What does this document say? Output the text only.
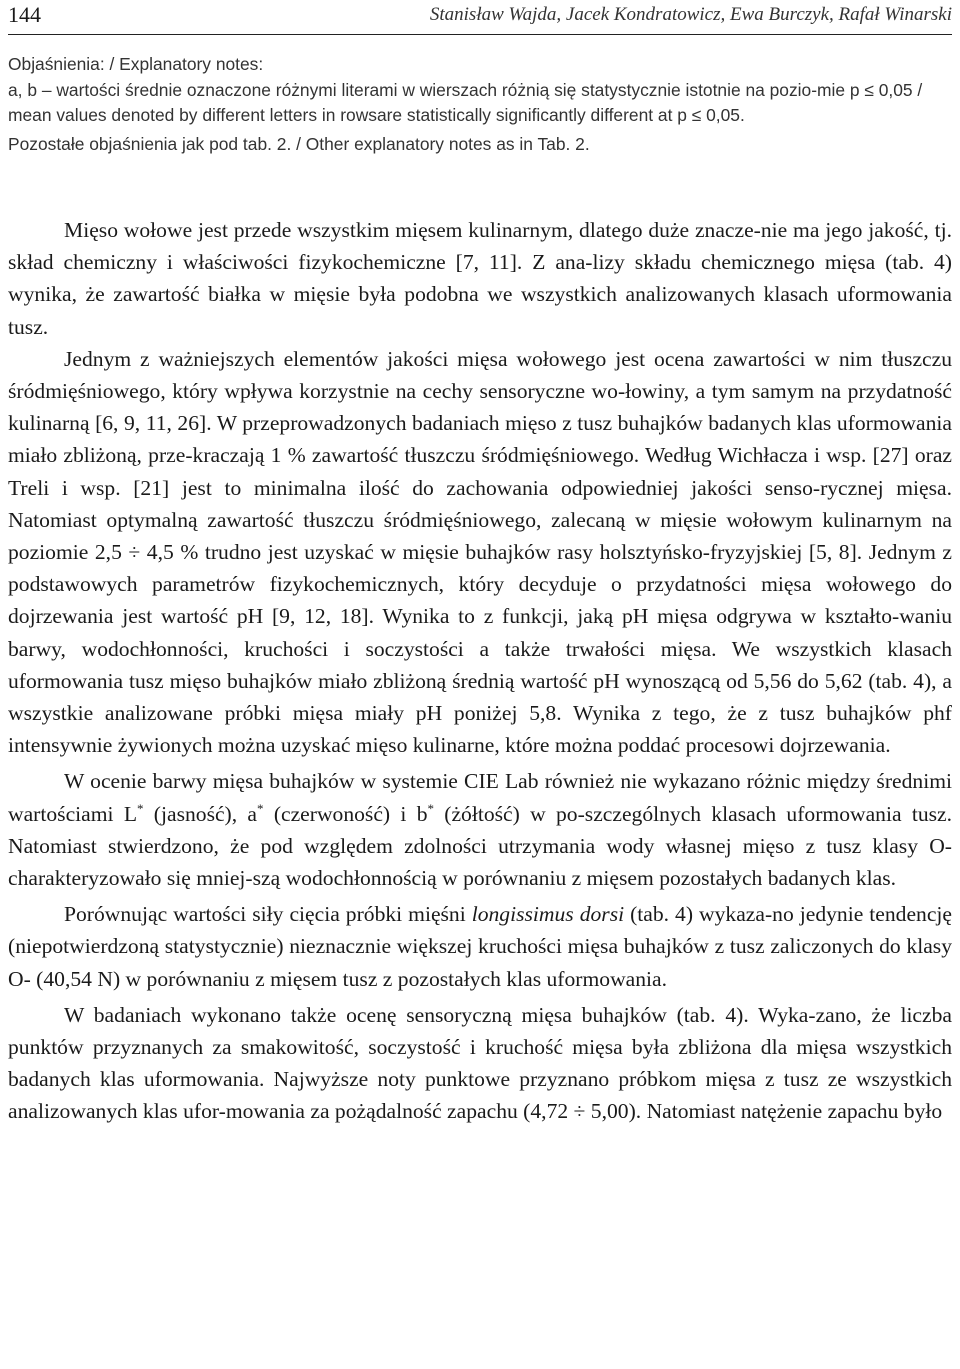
144	Stanisław Wajda, Jacek Kondratowicz, Ewa Burczyk, Rafał Winarski

Objaśnienia: / Explanatory notes:

a, b – wartości średnie oznaczone różnymi literami w wierszach różnią się statystycznie istotnie na pozio-mie p ≤ 0,05 / mean values denoted by different letters in rowsare statistically significantly different at p ≤ 0,05.

Pozostałe objaśnienia jak pod tab. 2. / Other explanatory notes as in Tab. 2.

Mięso wołowe jest przede wszystkim mięsem kulinarnym, dlatego duże znacze-nie ma jego jakość, tj. skład chemiczny i właściwości fizykochemiczne [7, 11]. Z ana-lizy składu chemicznego mięsa (tab. 4) wynika, że zawartość białka w mięsie była podobna we wszystkich analizowanych klasach uformowania tusz.

Jednym z ważniejszych elementów jakości mięsa wołowego jest ocena zawartości w nim tłuszczu śródmięśniowego, który wpływa korzystnie na cechy sensoryczne wo-łowiny, a tym samym na przydatność kulinarną [6, 9, 11, 26]. W przeprowadzonych badaniach mięso z tusz buhajków badanych klas uformowania miało zbliżoną, prze-kraczają 1 % zawartość tłuszczu śródmięśniowego. Według Wichłacza i wsp. [27] oraz Treli i wsp. [21] jest to minimalna ilość do zachowania odpowiedniej jakości senso-rycznej mięsa. Natomiast optymalną zawartość tłuszczu śródmięśniowego, zalecaną w mięsie wołowym kulinarnym na poziomie 2,5 ÷ 4,5 % trudno jest uzyskać w mięsie buhajków rasy holsztyńsko-fryzyjskiej [5, 8]. Jednym z podstawowych parametrów fizykochemicznych, który decyduje o przydatności mięsa wołowego do dojrzewania jest wartość pH [9, 12, 18]. Wynika to z funkcji, jaką pH mięsa odgrywa w kształto-waniu barwy, wodochłonności, kruchości i soczystości a także trwałości mięsa. We wszystkich klasach uformowania tusz mięso buhajków miało zbliżoną średnią wartość pH wynoszącą od 5,56 do 5,62 (tab. 4), a wszystkie analizowane próbki mięsa miały pH poniżej 5,8. Wynika z tego, że z tusz buhajków phf intensywnie żywionych można uzyskać mięso kulinarne, które można poddać procesowi dojrzewania.

W ocenie barwy mięsa buhajków w systemie CIE Lab również nie wykazano różnic między średnimi wartościami L* (jasność), a* (czerwoność) i b* (żółtość) w po-szczególnych klasach uformowania tusz. Natomiast stwierdzono, że pod względem zdolności utrzymania wody własnej mięso z tusz klasy O- charakteryzowało się mniej-szą wodochłonnością w porównaniu z mięsem pozostałych badanych klas.

Porównując wartości siły cięcia próbki mięśni longissimus dorsi (tab. 4) wykaza-no jedynie tendencję (niepotwierdzoną statystycznie) nieznacznie większej kruchości mięsa buhajków z tusz zaliczonych do klasy O- (40,54 N) w porównaniu z mięsem tusz z pozostałych klas uformowania.

W badaniach wykonano także ocenę sensoryczną mięsa buhajków (tab. 4). Wyka-zano, że liczba punktów przyznanych za smakowitość, soczystość i kruchość mięsa była zbliżona dla mięsa wszystkich badanych klas uformowania. Najwyższe noty punktowe przyznano próbkom mięsa z tusz ze wszystkich analizowanych klas ufor-mowania za pożądalność zapachu (4,72 ÷ 5,00). Natomiast natężenie zapachu było
